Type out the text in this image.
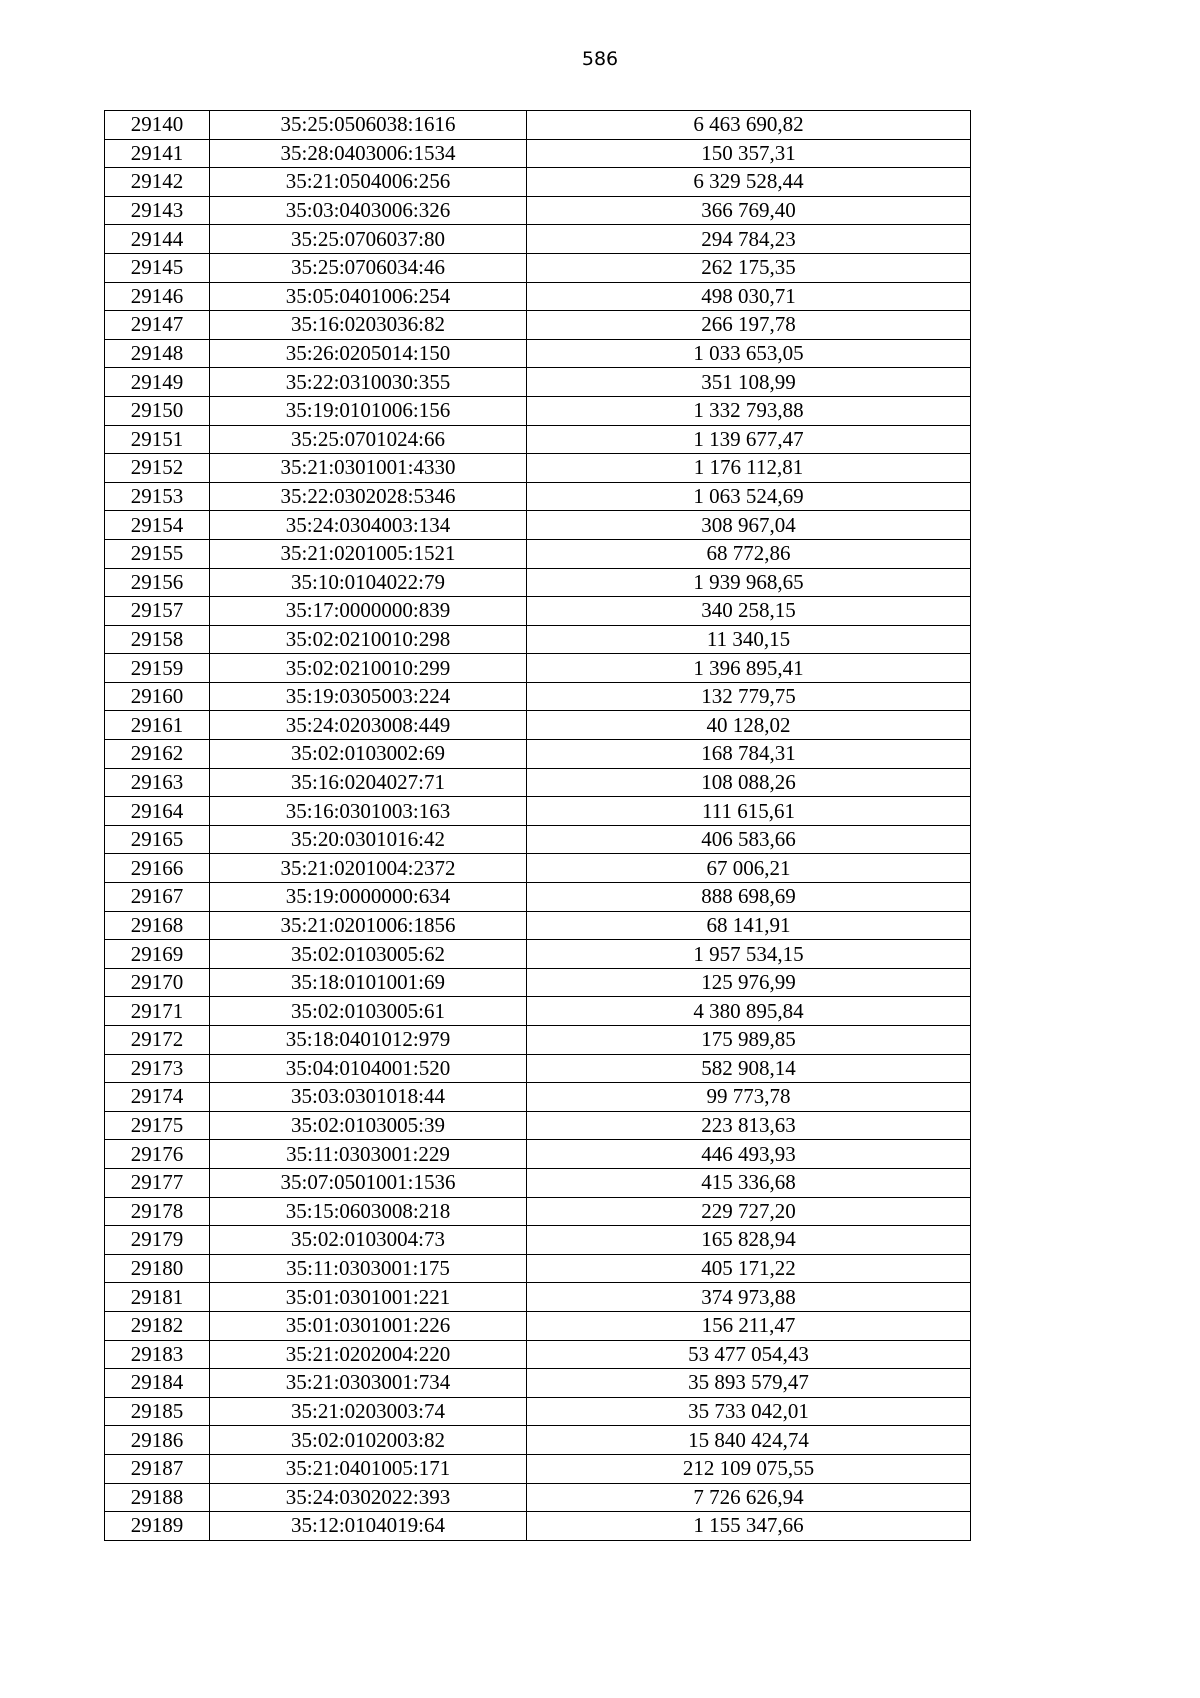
586
29140	35:25:0506038:1616	6 463 690,82
29141	35:28:0403006:1534	150 357,31
29142	35:21:0504006:256	6 329 528,44
29143	35:03:0403006:326	366 769,40
29144	35:25:0706037:80	294 784,23
29145	35:25:0706034:46	262 175,35
29146	35:05:0401006:254	498 030,71
29147	35:16:0203036:82	266 197,78
29148	35:26:0205014:150	1 033 653,05
29149	35:22:0310030:355	351 108,99
29150	35:19:0101006:156	1 332 793,88
29151	35:25:0701024:66	1 139 677,47
29152	35:21:0301001:4330	1 176 112,81
29153	35:22:0302028:5346	1 063 524,69
29154	35:24:0304003:134	308 967,04
29155	35:21:0201005:1521	68 772,86
29156	35:10:0104022:79	1 939 968,65
29157	35:17:0000000:839	340 258,15
29158	35:02:0210010:298	11 340,15
29159	35:02:0210010:299	1 396 895,41
29160	35:19:0305003:224	132 779,75
29161	35:24:0203008:449	40 128,02
29162	35:02:0103002:69	168 784,31
29163	35:16:0204027:71	108 088,26
29164	35:16:0301003:163	111 615,61
29165	35:20:0301016:42	406 583,66
29166	35:21:0201004:2372	67 006,21
29167	35:19:0000000:634	888 698,69
29168	35:21:0201006:1856	68 141,91
29169	35:02:0103005:62	1 957 534,15
29170	35:18:0101001:69	125 976,99
29171	35:02:0103005:61	4 380 895,84
29172	35:18:0401012:979	175 989,85
29173	35:04:0104001:520	582 908,14
29174	35:03:0301018:44	99 773,78
29175	35:02:0103005:39	223 813,63
29176	35:11:0303001:229	446 493,93
29177	35:07:0501001:1536	415 336,68
29178	35:15:0603008:218	229 727,20
29179	35:02:0103004:73	165 828,94
29180	35:11:0303001:175	405 171,22
29181	35:01:0301001:221	374 973,88
29182	35:01:0301001:226	156 211,47
29183	35:21:0202004:220	53 477 054,43
29184	35:21:0303001:734	35 893 579,47
29185	35:21:0203003:74	35 733 042,01
29186	35:02:0102003:82	15 840 424,74
29187	35:21:0401005:171	212 109 075,55
29188	35:24:0302022:393	7 726 626,94
29189	35:12:0104019:64	1 155 347,66
